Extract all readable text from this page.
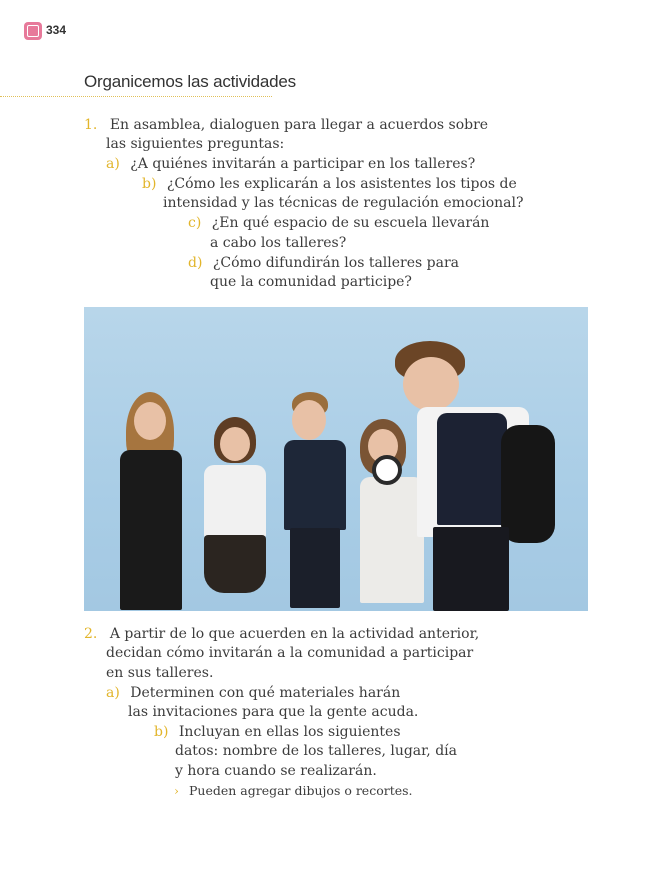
334
Organicemos las actividades
1. En asamblea, dialoguen para llegar a acuerdos sobre
las siguientes preguntas:
a) ¿A quiénes invitarán a participar en los talleres?
b) ¿Cómo les explicarán a los asistentes los tipos de
intensidad y las técnicas de regulación emocional?
c) ¿En qué espacio de su escuela llevarán
a cabo los talleres?
d) ¿Cómo difundirán los talleres para
que la comunidad participe?
2. A partir de lo que acuerden en la actividad anterior,
decidan cómo invitarán a la comunidad a participar
en sus talleres.
a) Determinen con qué materiales harán
las invitaciones para que la gente acuda.
b) Incluyan en ellas los siguientes
datos: nombre de los talleres, lugar, día
y hora cuando se realizarán.
› Pueden agregar dibujos o recortes.
